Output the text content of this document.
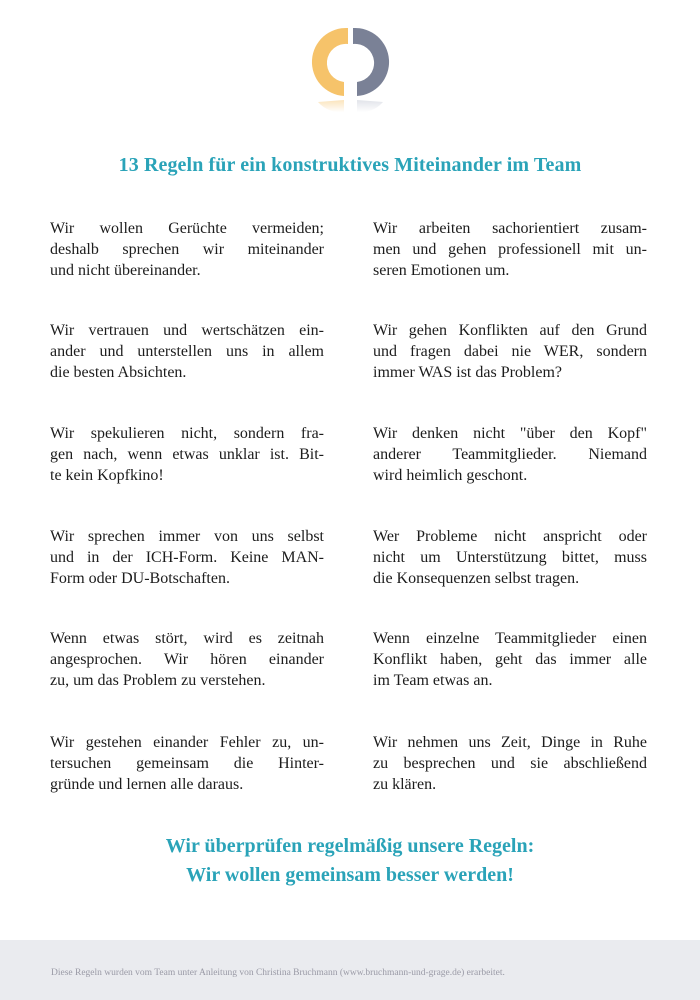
13 Regeln für ein konstruktives Miteinander im Team
Wir wollen Gerüchte vermeiden;
deshalb sprechen wir miteinander
und nicht übereinander.
Wir arbeiten sachorientiert zusam-
men und gehen professionell mit un-
seren Emotionen um.
Wir vertrauen und wertschätzen ein-
ander und unterstellen uns in allem
die besten Absichten.
Wir gehen Konflikten auf den Grund
und fragen dabei nie WER, sondern
immer WAS ist das Problem?
Wir spekulieren nicht, sondern fra-
gen nach, wenn etwas unklar ist. Bit-
te kein Kopfkino!
Wir denken nicht "über den Kopf"
anderer Teammitglieder. Niemand
wird heimlich geschont.
Wir sprechen immer von uns selbst
und in der ICH-Form. Keine MAN-
Form oder DU-Botschaften.
Wer Probleme nicht anspricht oder
nicht um Unterstützung bittet, muss
die Konsequenzen selbst tragen.
Wenn etwas stört, wird es zeitnah
angesprochen. Wir hören einander
zu, um das Problem zu verstehen.
Wenn einzelne Teammitglieder einen
Konflikt haben, geht das immer alle
im Team etwas an.
Wir gestehen einander Fehler zu, un-
tersuchen gemeinsam die Hinter-
gründe und lernen alle daraus.
Wir nehmen uns Zeit, Dinge in Ruhe
zu besprechen und sie abschließend
zu klären.
Wir überprüfen regelmäßig unsere Regeln:
Wir wollen gemeinsam besser werden!
Diese Regeln wurden vom Team unter Anleitung von Christina Bruchmann (www.bruchmann-und-grage.de) erarbeitet.
